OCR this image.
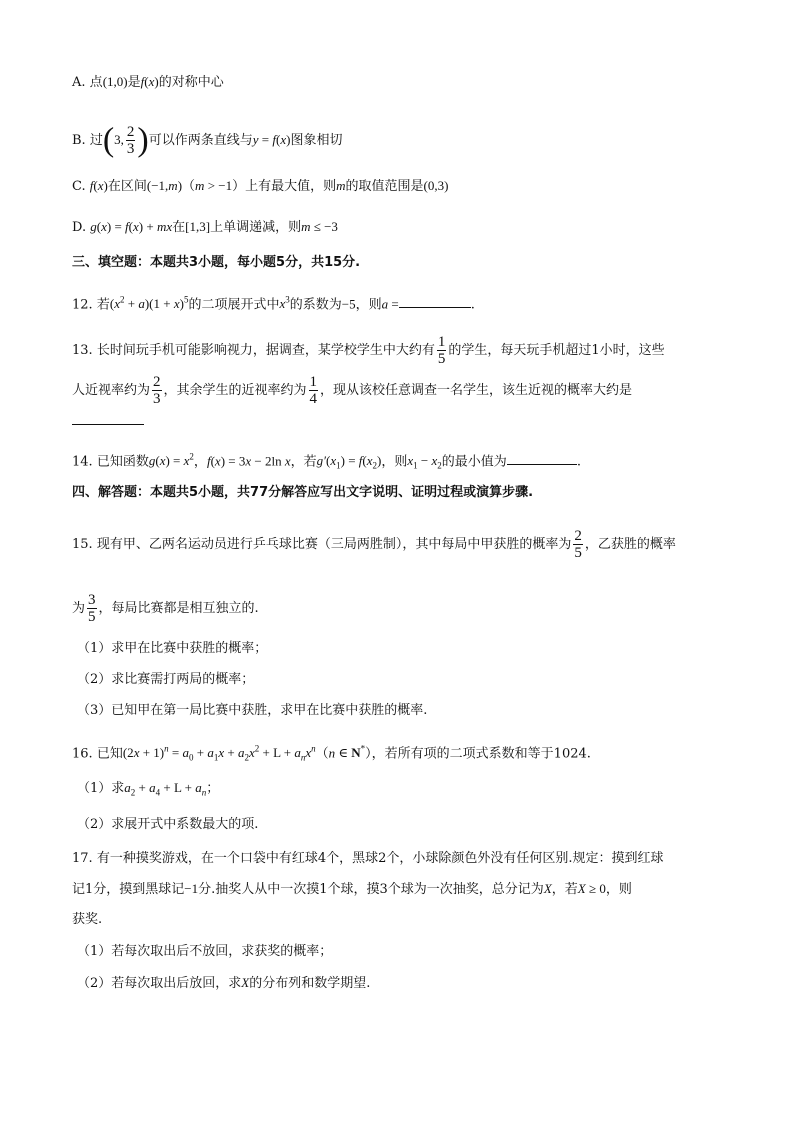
A. 点(1,0)是f(x)的对称中心
B. 过(3, $\frac{2}{3}$ )可以作两条直线与y = f(x)图象相切
C. f(x)在区间(−1,m)（m > −1）上有最大值，则m的取值范围是(0,3)
D. g(x) = f(x) + mx在[1,3]上单调递减，则m ≤ −3
三、填空题：本题共3小题，每小题5分，共15分.
12. 若$(x^2 + a)(1 + x)^5$的二项展开式中$x^3$的系数为−5，则a =	.
13. 长时间玩手机可能影响视力，据调查，某学校学生中大约有 $\frac{1}{5}$ 的学生，每天玩手机超过1小时，这些
人近视率约为 $\frac{2}{3}$ ，其余学生的近视率约为 $\frac{1}{4}$ ，现从该校任意调查一名学生，该生近视的概率大约是
14. 已知函数$g(x) = x^2$，f(x) = 3x − 2ln x，若$g'(x_1) = f(x_2)$，则$x_1 - x_2$的最小值为	.
四、解答题：本题共5小题，共77分解答应写出文字说明、证明过程或演算步骤.
15. 现有甲、乙两名运动员进行乒乓球比赛（三局两胜制），其中每局中甲获胜的概率为 $\frac{2}{5}$ ，乙获胜的概率
为 $\frac{3}{5}$ ，每局比赛都是相互独立的.
（1）求甲在比赛中获胜的概率；
（2）求比赛需打两局的概率；
（3）已知甲在第一局比赛中获胜，求甲在比赛中获胜的概率.
16. 已知$(2x + 1)^n = a_0 + a_1x + a_2x^2 + L + a_nx^n(n$ ∈ N*），若所有项的二项式系数和等于1024.
（1）求$a_2 + a_4 + L + a_n$；
（2）求展开式中系数最大的项.
17. 有一种摸奖游戏，在一个口袋中有红球4个，黑球2个，小球除颜色外没有任何区别.规定：摸到红球
记1分，摸到黑球记−1分.抽奖人从中一次摸1个球，摸3个球为一次抽奖，总分记为X，若X ≥ 0，则
获奖.
（1）若每次取出后不放回，求获奖的概率；
（2）若每次取出后放回，求X的分布列和数学期望.
